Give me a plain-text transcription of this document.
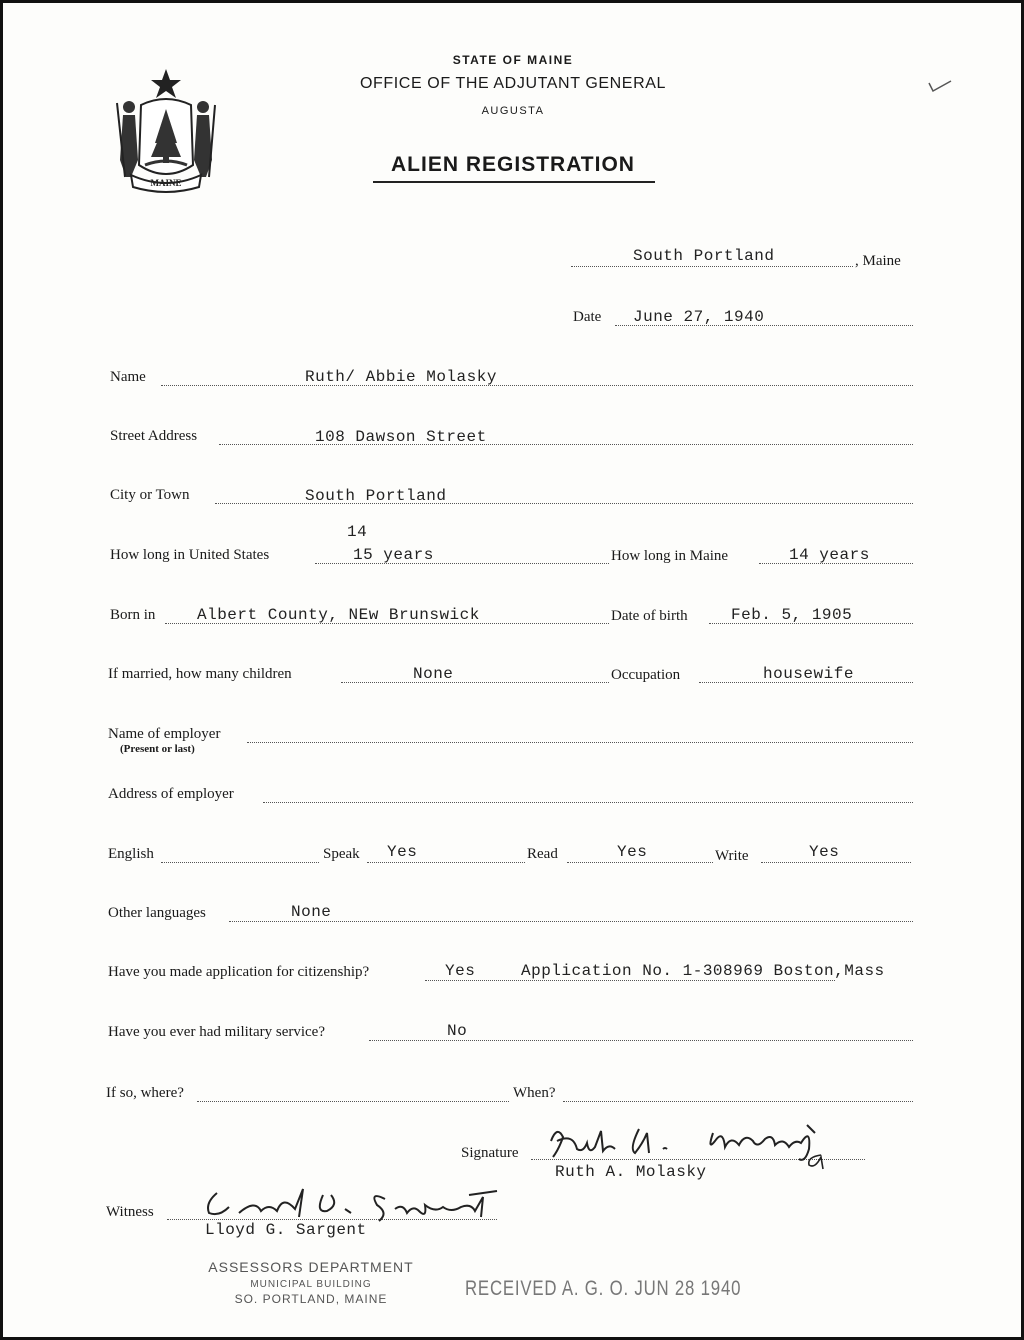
MAINE
STATE OF MAINE
OFFICE OF THE ADJUTANT GENERAL
AUGUSTA
ALIEN REGISTRATION
South Portland	, Maine
Date June 27, 1940
Name	Ruth/ Abbie Molasky
Street Address	108 Dawson Street
City or Town	South Portland
14
How long in United States	15 years	How long in Maine	14 years
Born in	Albert County, NEw Brunswick	Date of birth	Feb. 5, 1905
If married, how many children	None	Occupation	housewife
Name of employer
(Present or last)
Address of employer
English	Speak Yes	Read	Yes	Write	Yes
Other languages	None
Have you made application for citizenship?	Yes	Application No. 1-308969 Boston,Mass
Have you ever had military service?	No
If so, where?	When?
Signature
Ruth A. Molasky
Witness
Lloyd G. Sargent
ASSESSORS DEPARTMENT
MUNICIPAL BUILDING
SO. PORTLAND, MAINE	RECEIVED A. G. O. JUN 28 1940
